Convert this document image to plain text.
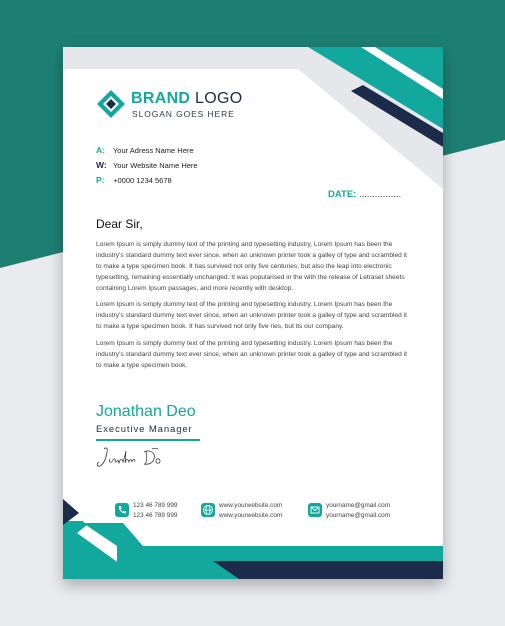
BRAND LOGO
SLOGAN GOES HERE
A: Your Adress Name Here
W: Your Website Name Here
P: +0000 1234 5678
DATE: ................
Dear Sir,

Lorem Ipsum is simply dummy text of the printing and typesetting industry. Lorem Ipsum has been the industry's standard dummy text ever since, when an unknown printer took a galley of type and scrambled it to make a type specimen book. It has survived not only five centuries, but also the leap into electronic typesetting, remaining essentially unchanged. It was popularised in the with the release of Letraset sheets containing Lorem Ipsum passages, and more recently with desktop.

Lorem Ipsum is simply dummy text of the printing and typesetting industry. Lorem Ipsum has been the industry's standard dummy text ever since, when an unknown printer took a galley of type and scrambled it to make a type specimen book. It has survived not only five ries, but its our company.

Lorem Ipsum is simply dummy text of the printing and typesetting industry. Lorem Ipsum has been the industry's standard dummy text ever since, when an unknown printer took a galley of type and scrambled it to make a type specimen book.

Jonathan Deo
Executive Manager
123 46 789 999
123 46 789 999
www.yourwebsite.com
www.yourwebsite.com
yourname@gmail.com
yourname@gmail.com
